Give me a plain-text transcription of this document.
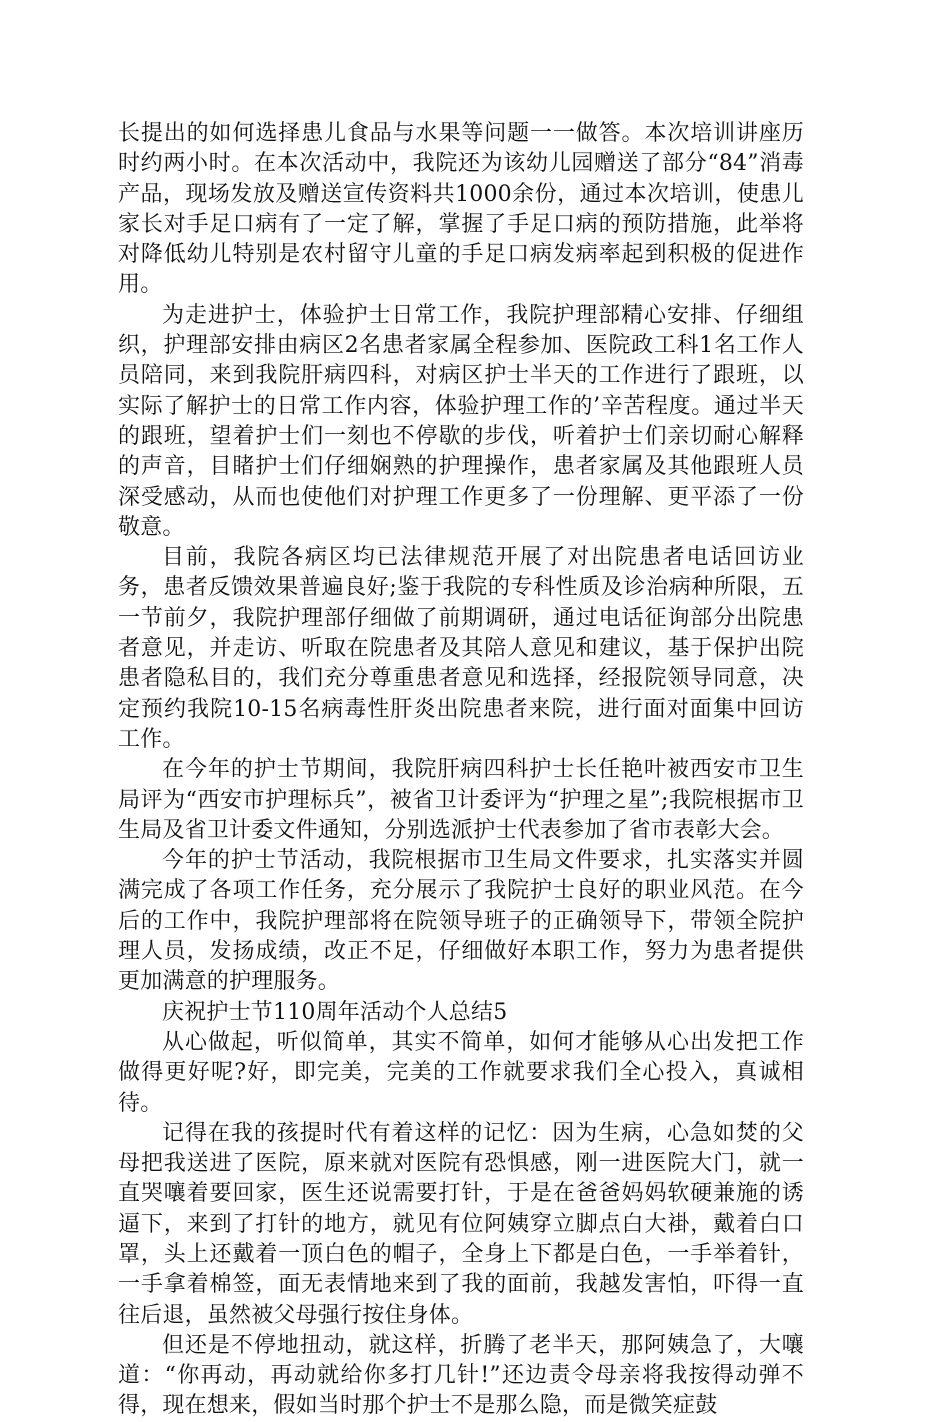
长提出的如何选择患儿食品与水果等问题一一做答。本次培训讲座历时约两小时。在本次活动中，我院还为该幼儿园赠送了部分“84”消毒产品，现场发放及赠送宣传资料共1000余份，通过本次培训，使患儿家长对手足口病有了一定了解，掌握了手足口病的预防措施，此举将对降低幼儿特别是农村留守儿童的手足口病发病率起到积极的促进作用。

为走进护士，体验护士日常工作，我院护理部精心安排、仔细组织，护理部安排由病区2名患者家属全程参加、医院政工科1名工作人员陪同，来到我院肝病四科，对病区护士半天的工作进行了跟班，以实际了解护士的日常工作内容，体验护理工作的’辛苦程度。通过半天的跟班，望着护士们一刻也不停歇的步伐，听着护士们亲切耐心解释的声音，目睹护士们仔细娴熟的护理操作，患者家属及其他跟班人员深受感动，从而也使他们对护理工作更多了一份理解、更平添了一份敬意。

目前，我院各病区均已法律规范开展了对出院患者电话回访业务，患者反馈效果普遍良好;鉴于我院的专科性质及诊治病种所限，五一节前夕，我院护理部仔细做了前期调研，通过电话征询部分出院患者意见，并走访、听取在院患者及其陪人意见和建议，基于保护出院患者隐私目的，我们充分尊重患者意见和选择，经报院领导同意，决定预约我院10-15名病毒性肝炎出院患者来院，进行面对面集中回访工作。

在今年的护士节期间，我院肝病四科护士长任艳叶被西安市卫生局评为“西安市护理标兵”，被省卫计委评为“护理之星”;我院根据市卫生局及省卫计委文件通知，分别选派护士代表参加了省市表彰大会。

今年的护士节活动，我院根据市卫生局文件要求，扎实落实并圆满完成了各项工作任务，充分展示了我院护士良好的职业风范。在今后的工作中，我院护理部将在院领导班子的正确领导下，带领全院护理人员，发扬成绩，改正不足，仔细做好本职工作，努力为患者提供更加满意的护理服务。

庆祝护士节110周年活动个人总结5

从心做起，听似简单，其实不简单，如何才能够从心出发把工作做得更好呢?好，即完美，完美的工作就要求我们全心投入，真诚相待。

记得在我的孩提时代有着这样的记忆：因为生病，心急如焚的父母把我送进了医院，原来就对医院有恐惧感，刚一进医院大门，就一直哭嚷着要回家，医生还说需要打针，于是在爸爸妈妈软硬兼施的诱逼下，来到了打针的地方，就见有位阿姨穿立脚点白大褂，戴着白口罩，头上还戴着一顶白色的帽子，全身上下都是白色，一手举着针，一手拿着棉签，面无表情地来到了我的面前，我越发害怕，吓得一直往后退，虽然被父母强行按住身体。

但还是不停地扭动，就这样，折腾了老半天，那阿姨急了，大嚷道：“你再动，再动就给你多打几针!”还边责令母亲将我按得动弹不得，现在想来，假如当时那个护士不是那么隐，而是微笑症鼓
